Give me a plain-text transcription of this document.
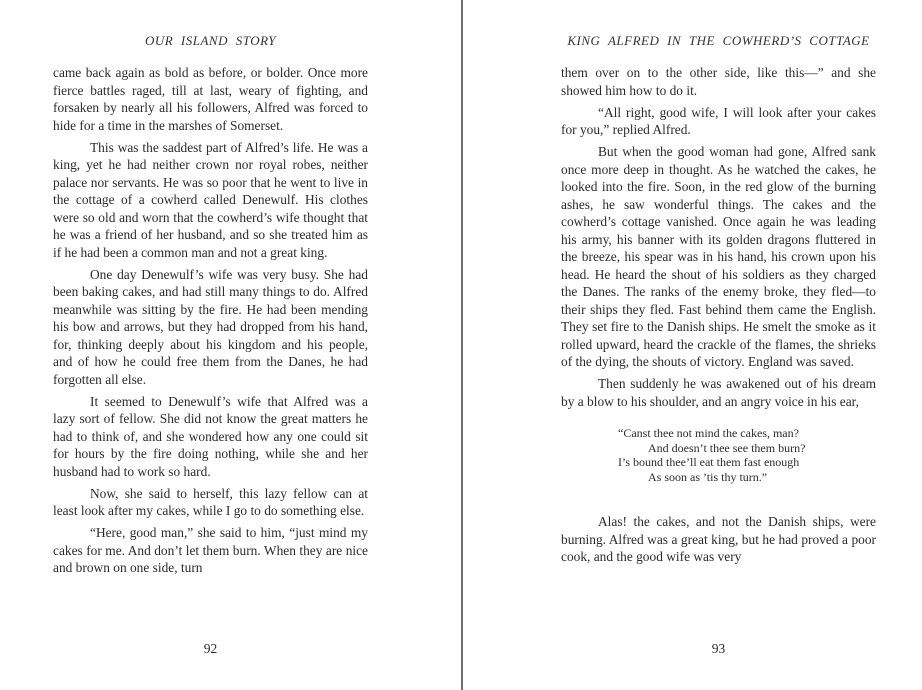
OUR ISLAND STORY

came back again as bold as before, or bolder. Once more fierce battles raged, till at last, weary of fighting, and forsaken by nearly all his followers, Alfred was forced to hide for a time in the marshes of Somerset.

This was the saddest part of Alfred’s life. He was a king, yet he had neither crown nor royal robes, neither palace nor servants. He was so poor that he went to live in the cottage of a cowherd called Denewulf. His clothes were so old and worn that the cowherd’s wife thought that he was a friend of her husband, and so she treated him as if he had been a common man and not a great king.

One day Denewulf’s wife was very busy. She had been baking cakes, and had still many things to do. Alfred meanwhile was sitting by the fire. He had been mending his bow and arrows, but they had dropped from his hand, for, thinking deeply about his kingdom and his people, and of how he could free them from the Danes, he had forgotten all else.

It seemed to Denewulf’s wife that Alfred was a lazy sort of fellow. She did not know the great matters he had to think of, and she wondered how any one could sit for hours by the fire doing nothing, while she and her husband had to work so hard.

Now, she said to herself, this lazy fellow can at least look after my cakes, while I go to do something else.

“Here, good man,” she said to him, “just mind my cakes for me. And don’t let them burn. When they are nice and brown on one side, turn

92
KING ALFRED IN THE COWHERD’S COTTAGE

them over on to the other side, like this—” and she showed him how to do it.

“All right, good wife, I will look after your cakes for you,” replied Alfred.

But when the good woman had gone, Alfred sank once more deep in thought. As he watched the cakes, he looked into the fire. Soon, in the red glow of the burning ashes, he saw wonderful things. The cakes and the cowherd’s cottage vanished. Once again he was leading his army, his banner with its golden dragons fluttered in the breeze, his spear was in his hand, his crown upon his head. He heard the shout of his soldiers as they charged the Danes. The ranks of the enemy broke, they fled—to their ships they fled. Fast behind them came the English. They set fire to the Danish ships. He smelt the smoke as it rolled upward, heard the crackle of the flames, the shrieks of the dying, the shouts of victory. England was saved.

Then suddenly he was awakened out of his dream by a blow to his shoulder, and an angry voice in his ear,

“Canst thee not mind the cakes, man?
And doesn’t thee see them burn?
I’s bound thee’ll eat them fast enough
As soon as ’tis thy turn.”

Alas! the cakes, and not the Danish ships, were burning. Alfred was a great king, but he had proved a poor cook, and the good wife was very

93
